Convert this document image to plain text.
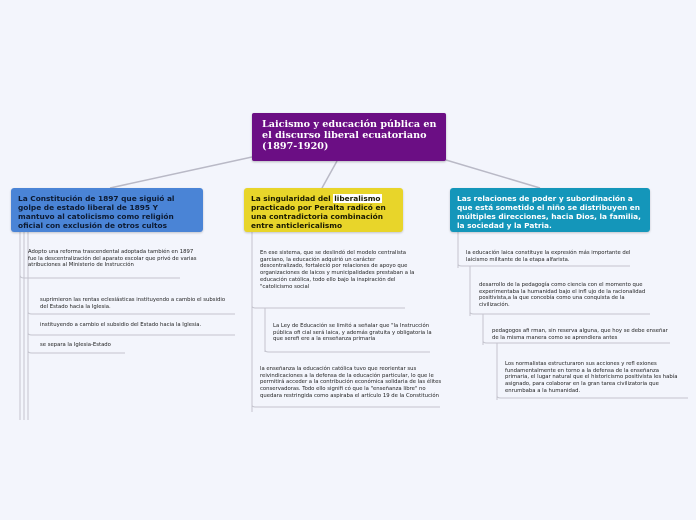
Laicismo y educación pública en el discurso liberal ecuatoriano (1897-1920)
La Constitución de 1897 que siguió al golpe de estado liberal de 1895 Y mantuvo al catolicismo como religión oficial con exclusión de otros cultos
La singularidad del liberalismo practicado por Peralta radicó en una contradictoria combinación entre anticlericalismo
Las relaciones de poder y subordinación a que está sometido el niño se distribuyen en múltiples direcciones, hacia Dios, la familia, la sociedad y la Patria.
Adopto una reforma trascendental adoptada también en 1897 fue la descentralización del aparato escolar que privó de varias atribuciones al Ministerio de Instrucción
suprimieron las rentas eclesiásticas instituyendo a cambio el subsidio del Estado hacia la Iglesia.
instituyendo a cambio el subsidio del Estado hacia la Iglesia.
se separa la Iglesia-Estado
En ese sistema, que se deslindó del modelo centralista garciano, la educación adquirió un carácter descentralizado, fortaleció por relaciones de apoyo que organizaciones de laicos y municipalidades prestaban a la educación católica, todo ello bajo la inspiración del "catolicismo social
La Ley de Educación se limitó a señalar que "la Instrucción pública ofi cial será laica, y además gratuita y obligatoria la que serefi ere a la enseñanza primaria
la enseñanza la educación católica tuvo que reorientar sus reivindicaciones a la defensa de la educación particular, lo que le permitirá acceder a la contribución económica solidaria de las élites conservadoras. Todo ello signifi có que la "enseñanza libre" no quedara restringida como aspiraba el artículo 19 de la Constitución
la educación laica constituye la expresión más importante del laicismo militante de la etapa alfarista.
desarrollo de la pedagogía como ciencia con el momento que experimentaba la humanidad bajo el infl ujo de la racionalidad positivista,a la que concebía como una conquista de la civilización.
pedagogos afi rman, sin reserva alguna, que hoy se debe enseñar de la misma manera como se aprendiera antes
Los normalistas estructuraron sus acciones y refl exiones fundamentalmente en torno a la defensa de la enseñanza primaria, el lugar natural que el historicismo positivista les había asignado, para colaborar en la gran tarea civilizatoria que enrumbaba a la humanidad.
